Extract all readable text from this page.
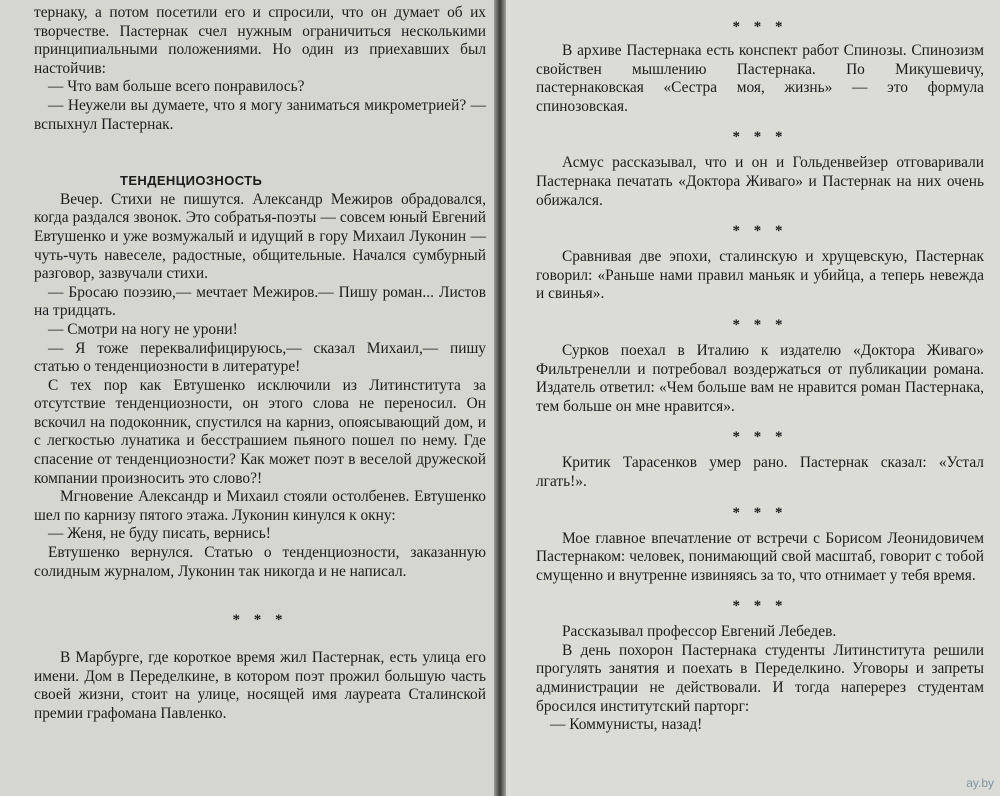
тернаку, а потом посетили его и спросили, что он думает об их творчестве. Пастернак счел нужным ограничиться несколькими принципиальными положениями. Но один из приехавших был настойчив:

— Что вам больше всего понравилось?

— Неужели вы думаете, что я могу заниматься микрометрией? — вспыхнул Пастернак.

ТЕНДЕНЦИОЗНОСТЬ

Вечер. Стихи не пишутся. Александр Межиров обрадовался, когда раздался звонок. Это собратья-поэты — совсем юный Евгений Евтушенко и уже возмужалый и идущий в гору Михаил Луконин — чуть-чуть навеселе, радостные, общительные. Начался сумбурный разговор, зазвучали стихи.

— Бросаю поэзию,— мечтает Межиров.— Пишу роман... Листов на тридцать.

— Смотри на ногу не урони!

— Я тоже переквалифицируюсь,— сказал Михаил,— пишу статью о тенденциозности в литературе!

С тех пор как Евтушенко исключили из Литинститута за отсутствие тенденциозности, он этого слова не переносил. Он вскочил на подоконник, спустился на карниз, опоясывающий дом, и с легкостью лунатика и бесстрашием пьяного пошел по нему. Где спасение от тенденциозности? Как может поэт в веселой дружеской компании произносить это слово?!

Мгновение Александр и Михаил стояли остолбенев. Евтушенко шел по карнизу пятого этажа. Луконин кинулся к окну:

— Женя, не буду писать, вернись!

Евтушенко вернулся. Статью о тенденциозности, заказанную солидным журналом, Луконин так никогда и не написал.

* * *

В Марбурге, где короткое время жил Пастернак, есть улица его имени. Дом в Переделкине, в котором поэт прожил большую часть своей жизни, стоит на улице, носящей имя лауреата Сталинской премии графомана Павленко.

* * *

В архиве Пастернака есть конспект работ Спинозы. Спинозизм свойствен мышлению Пастернака. По Микушевичу, пастернаковская «Сестра моя, жизнь» — это формула спинозовская.

* * *

Асмус рассказывал, что и он и Гольденвейзер отговаривали Пастернака печатать «Доктора Живаго» и Пастернак на них очень обижался.

* * *

Сравнивая две эпохи, сталинскую и хрущевскую, Пастернак говорил: «Раньше нами правил маньяк и убийца, а теперь невежда и свинья».

* * *

Сурков поехал в Италию к издателю «Доктора Живаго» Фильтренелли и потребовал воздержаться от публикации романа. Издатель ответил: «Чем больше вам не нравится роман Пастернака, тем больше он мне нравится».

* * *

Критик Тарасенков умер рано. Пастернак сказал: «Устал лгать!».

* * *

Мое главное впечатление от встречи с Борисом Леонидовичем Пастернаком: человек, понимающий свой масштаб, говорит с тобой смущенно и внутренне извиняясь за то, что отнимает у тебя время.

* * *

Рассказывал профессор Евгений Лебедев.

В день похорон Пастернака студенты Литинститута решили прогулять занятия и поехать в Переделкино. Уговоры и запреты администрации не действовали. И тогда наперерез студентам бросился институтский парторг:

— Коммунисты, назад!

ay.by
